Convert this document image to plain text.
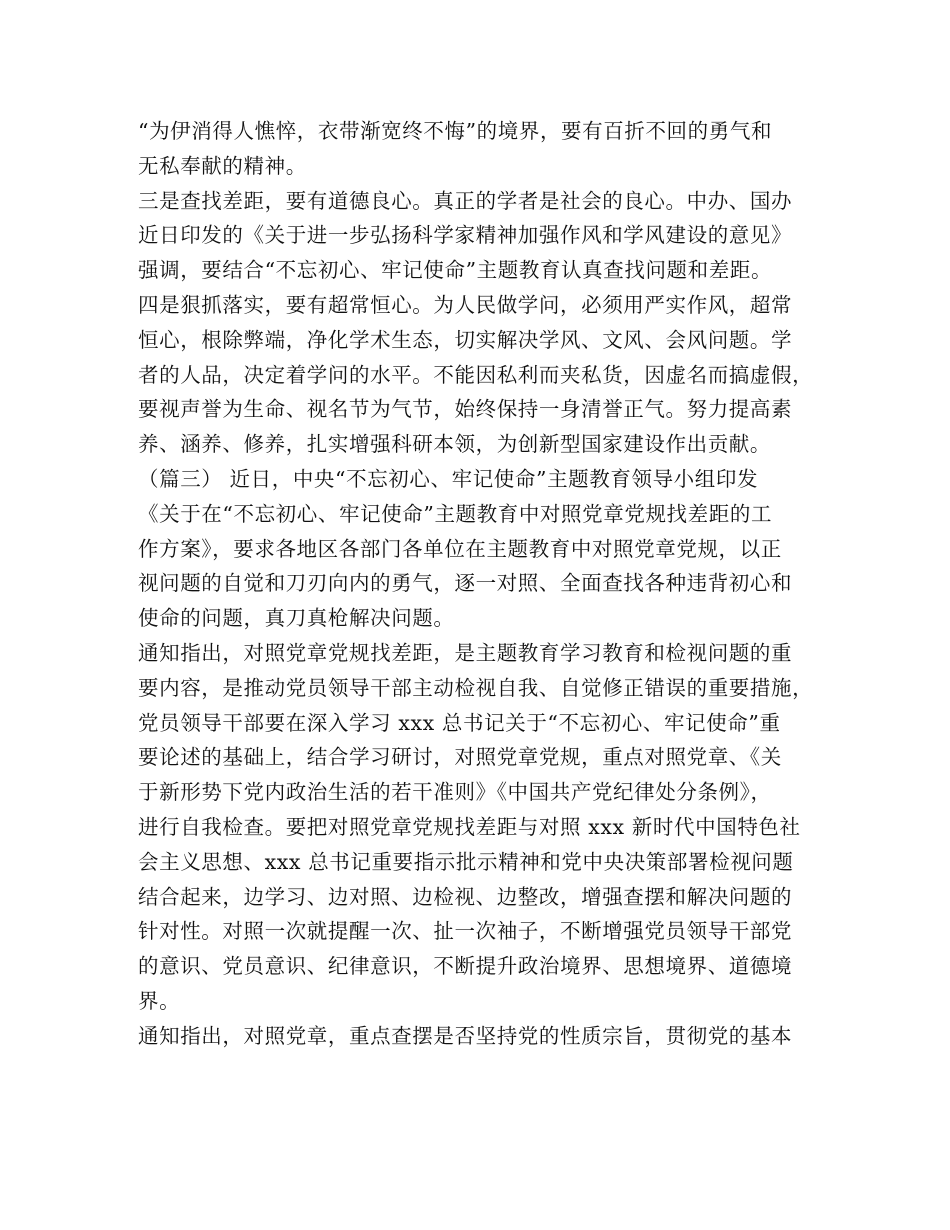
“为伊消得人憔悴，衣带渐宽终不悔”的境界，要有百折不回的勇气和
无私奉献的精神。
三是查找差距，要有道德良心。真正的学者是社会的良心。中办、国办
近日印发的《关于进一步弘扬科学家精神加强作风和学风建设的意见》
强调，要结合“不忘初心、牢记使命”主题教育认真查找问题和差距。
四是狠抓落实，要有超常恒心。为人民做学问，必须用严实作风，超常
恒心，根除弊端，净化学术生态，切实解决学风、文风、会风问题。学
者的人品，决定着学问的水平。不能因私利而夹私货，因虚名而搞虚假，
要视声誉为生命、视名节为气节，始终保持一身清誉正气。努力提高素
养、涵养、修养，扎实增强科研本领，为创新型国家建设作出贡献。
（篇三） 近日，中央“不忘初心、牢记使命”主题教育领导小组印发
《关于在“不忘初心、牢记使命”主题教育中对照党章党规找差距的工
作方案》，要求各地区各部门各单位在主题教育中对照党章党规，以正
视问题的自觉和刀刃向内的勇气，逐一对照、全面查找各种违背初心和
使命的问题，真刀真枪解决问题。
通知指出，对照党章党规找差距，是主题教育学习教育和检视问题的重
要内容，是推动党员领导干部主动检视自我、自觉修正错误的重要措施，
党员领导干部要在深入学习 xxx 总书记关于“不忘初心、牢记使命”重
要论述的基础上，结合学习研讨，对照党章党规，重点对照党章、《关
于新形势下党内政治生活的若干准则》《中国共产党纪律处分条例》，
进行自我检查。要把对照党章党规找差距与对照 xxx 新时代中国特色社
会主义思想、xxx 总书记重要指示批示精神和党中央决策部署检视问题
结合起来，边学习、边对照、边检视、边整改，增强查摆和解决问题的
针对性。对照一次就提醒一次、扯一次袖子，不断增强党员领导干部党
的意识、党员意识、纪律意识，不断提升政治境界、思想境界、道德境
界。
通知指出，对照党章，重点查摆是否坚持党的性质宗旨，贯彻党的基本
